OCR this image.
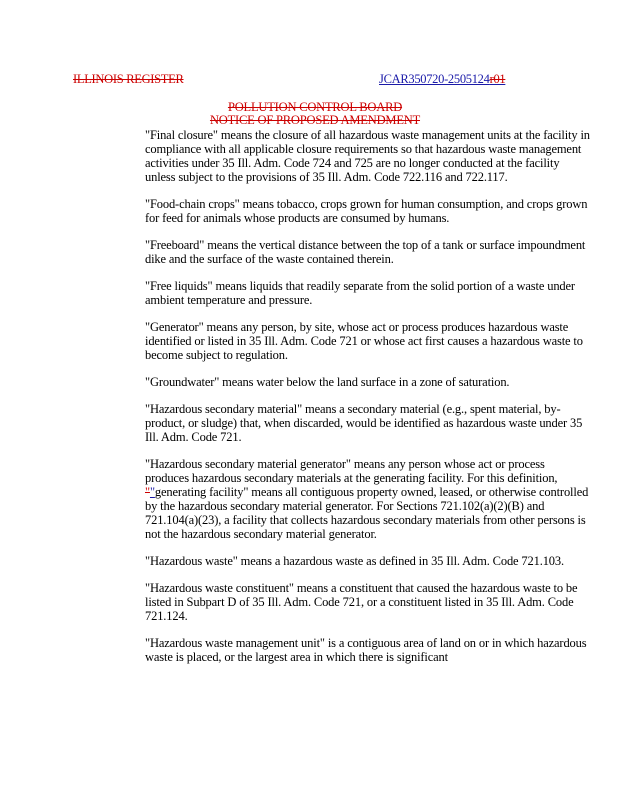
ILLINOIS REGISTER	JCAR350720-2505124r01
POLLUTION CONTROL BOARD
NOTICE OF PROPOSED AMENDMENT

"Final closure" means the closure of all hazardous waste management units at the facility in compliance with all applicable closure requirements so that hazardous waste management activities under 35 Ill. Adm. Code 724 and 725 are no longer conducted at the facility unless subject to the provisions of 35 Ill. Adm. Code 722.116 and 722.117.

"Food-chain crops" means tobacco, crops grown for human consumption, and crops grown for feed for animals whose products are consumed by humans.

"Freeboard" means the vertical distance between the top of a tank or surface impoundment dike and the surface of the waste contained therein.

"Free liquids" means liquids that readily separate from the solid portion of a waste under ambient temperature and pressure.

"Generator" means any person, by site, whose act or process produces hazardous waste identified or listed in 35 Ill. Adm. Code 721 or whose act first causes a hazardous waste to become subject to regulation.

"Groundwater" means water below the land surface in a zone of saturation.

"Hazardous secondary material" means a secondary material (e.g., spent material, by-product, or sludge) that, when discarded, would be identified as hazardous waste under 35 Ill. Adm. Code 721.

"Hazardous secondary material generator" means any person whose act or process produces hazardous secondary materials at the generating facility. For this definition, ""generating facility" means all contiguous property owned, leased, or otherwise controlled by the hazardous secondary material generator. For Sections 721.102(a)(2)(B) and 721.104(a)(23), a facility that collects hazardous secondary materials from other persons is not the hazardous secondary material generator.

"Hazardous waste" means a hazardous waste as defined in 35 Ill. Adm. Code 721.103.

"Hazardous waste constituent" means a constituent that caused the hazardous waste to be listed in Subpart D of 35 Ill. Adm. Code 721, or a constituent listed in 35 Ill. Adm. Code 721.124.

"Hazardous waste management unit" is a contiguous area of land on or in which hazardous waste is placed, or the largest area in which there is significant
